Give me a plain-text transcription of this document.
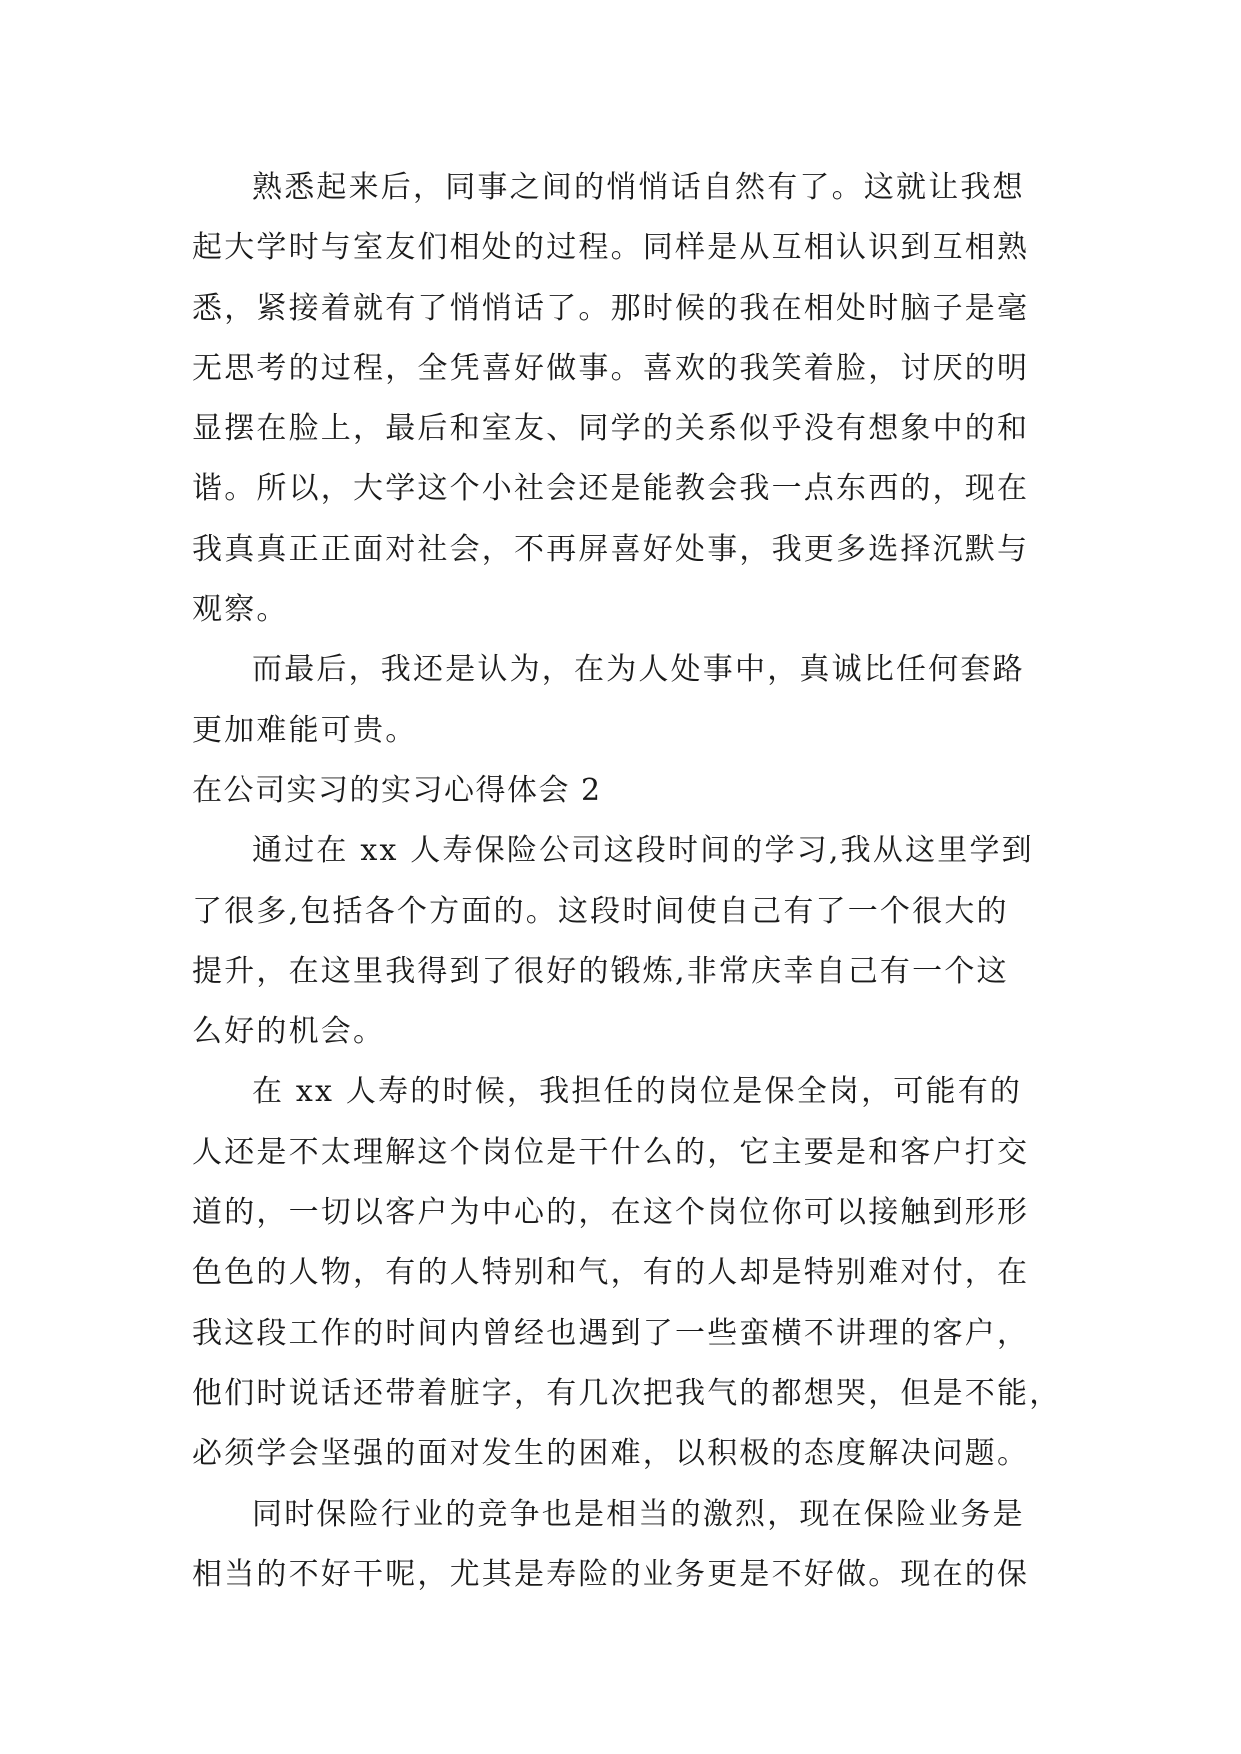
熟悉起来后，同事之间的悄悄话自然有了。这就让我想
起大学时与室友们相处的过程。同样是从互相认识到互相熟
悉，紧接着就有了悄悄话了。那时候的我在相处时脑子是毫
无思考的过程，全凭喜好做事。喜欢的我笑着脸，讨厌的明
显摆在脸上，最后和室友、同学的关系似乎没有想象中的和
谐。所以，大学这个小社会还是能教会我一点东西的，现在
我真真正正面对社会，不再屏喜好处事，我更多选择沉默与
观察。
而最后，我还是认为，在为人处事中，真诚比任何套路
更加难能可贵。
在公司实习的实习心得体会 2
通过在 xx 人寿保险公司这段时间的学习,我从这里学到
了很多,包括各个方面的。这段时间使自己有了一个很大的
提升，在这里我得到了很好的锻炼,非常庆幸自己有一个这
么好的机会。
在 xx 人寿的时候，我担任的岗位是保全岗，可能有的
人还是不太理解这个岗位是干什么的，它主要是和客户打交
道的，一切以客户为中心的，在这个岗位你可以接触到形形
色色的人物，有的人特别和气，有的人却是特别难对付，在
我这段工作的时间内曾经也遇到了一些蛮横不讲理的客户，
他们时说话还带着脏字，有几次把我气的都想哭，但是不能，
必须学会坚强的面对发生的困难，以积极的态度解决问题。
同时保险行业的竞争也是相当的激烈，现在保险业务是
相当的不好干呢，尤其是寿险的业务更是不好做。现在的保
